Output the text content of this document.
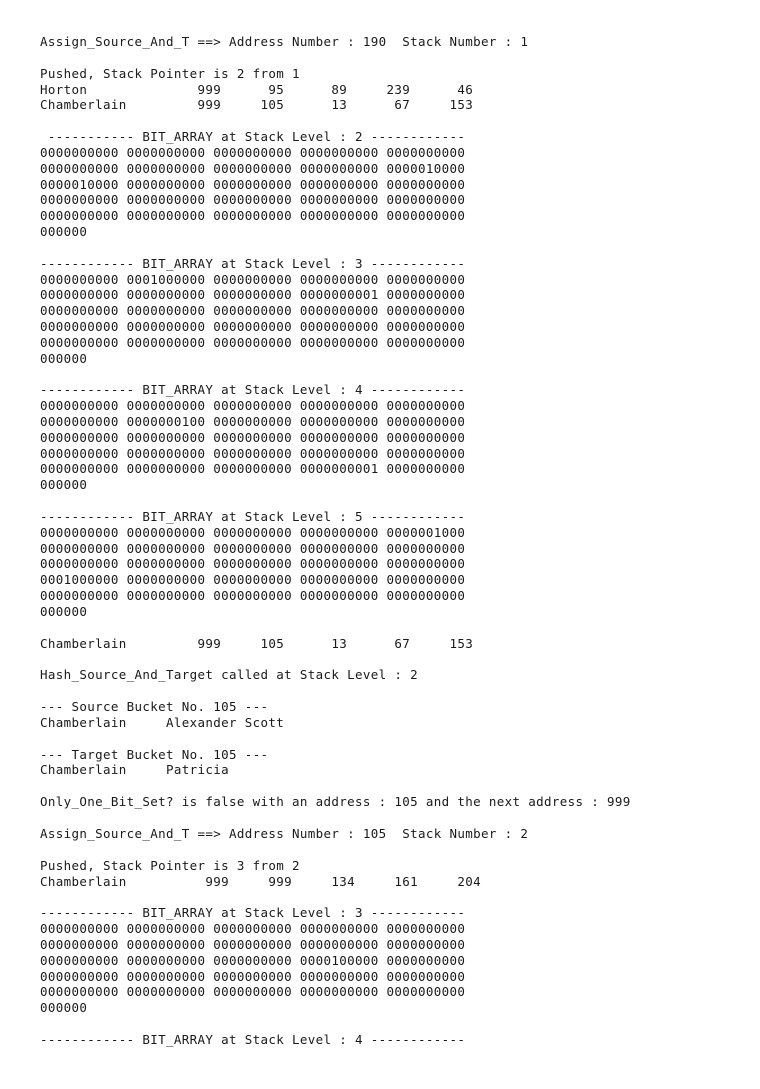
Assign_Source_And_T ==> Address Number : 190  Stack Number : 1
Pushed, Stack Pointer is 2 from 1
Horton              999      95      89     239      46
Chamberlain         999     105      13      67     153
----------- BIT_ARRAY at Stack Level : 2 ------------
0000000000 0000000000 0000000000 0000000000 0000000000
0000000000 0000000000 0000000000 0000000000 0000010000
0000010000 0000000000 0000000000 0000000000 0000000000
0000000000 0000000000 0000000000 0000000000 0000000000
0000000000 0000000000 0000000000 0000000000 0000000000
000000
------------ BIT_ARRAY at Stack Level : 3 ------------
0000000000 0001000000 0000000000 0000000000 0000000000
0000000000 0000000000 0000000000 0000000001 0000000000
0000000000 0000000000 0000000000 0000000000 0000000000
0000000000 0000000000 0000000000 0000000000 0000000000
0000000000 0000000000 0000000000 0000000000 0000000000
000000
------------ BIT_ARRAY at Stack Level : 4 ------------
0000000000 0000000000 0000000000 0000000000 0000000000
0000000000 0000000100 0000000000 0000000000 0000000000
0000000000 0000000000 0000000000 0000000000 0000000000
0000000000 0000000000 0000000000 0000000000 0000000000
0000000000 0000000000 0000000000 0000000001 0000000000
000000
------------ BIT_ARRAY at Stack Level : 5 ------------
0000000000 0000000000 0000000000 0000000000 0000001000
0000000000 0000000000 0000000000 0000000000 0000000000
0000000000 0000000000 0000000000 0000000000 0000000000
0001000000 0000000000 0000000000 0000000000 0000000000
0000000000 0000000000 0000000000 0000000000 0000000000
000000
Chamberlain         999     105      13      67     153
Hash_Source_And_Target called at Stack Level : 2
--- Source Bucket No. 105 ---
Chamberlain     Alexander Scott
--- Target Bucket No. 105 ---
Chamberlain     Patricia
Only_One_Bit_Set? is false with an address : 105 and the next address : 999
Assign_Source_And_T ==> Address Number : 105  Stack Number : 2
Pushed, Stack Pointer is 3 from 2
Chamberlain          999     999     134     161     204
------------ BIT_ARRAY at Stack Level : 3 ------------
0000000000 0000000000 0000000000 0000000000 0000000000
0000000000 0000000000 0000000000 0000000000 0000000000
0000000000 0000000000 0000000000 0000100000 0000000000
0000000000 0000000000 0000000000 0000000000 0000000000
0000000000 0000000000 0000000000 0000000000 0000000000
000000
------------ BIT_ARRAY at Stack Level : 4 ------------
